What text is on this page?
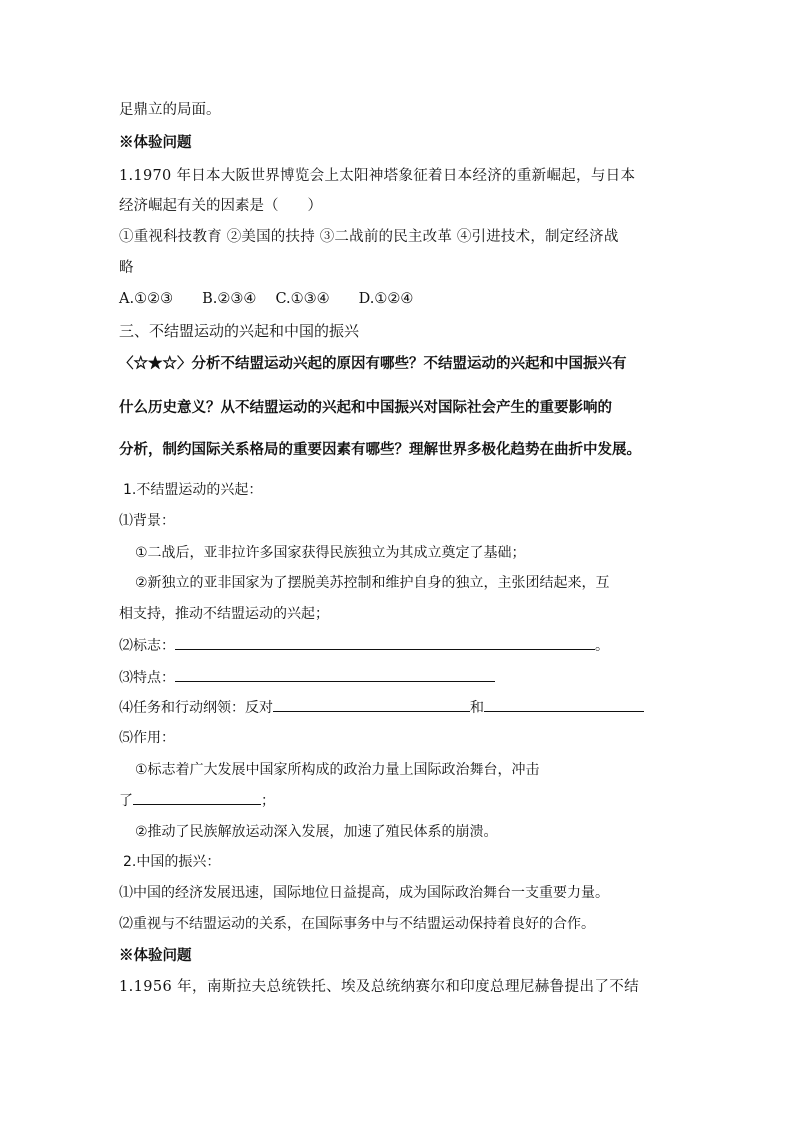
足鼎立的局面。
※体验问题
1.1970 年日本大阪世界博览会上太阳神塔象征着日本经济的重新崛起，与日本
经济崛起有关的因素是（　　）
①重视科技教育 ②美国的扶持 ③二战前的民主改革 ④引进技术，制定经济战
略
A.①②③　　B.②③④　 C.①③④　　D.①②④
三、不结盟运动的兴起和中国的振兴
〈☆★☆〉分析不结盟运动兴起的原因有哪些？不结盟运动的兴起和中国振兴有
什么历史意义？从不结盟运动的兴起和中国振兴对国际社会产生的重要影响的
分析，制约国际关系格局的重要因素有哪些？理解世界多极化趋势在曲折中发展。
1.不结盟运动的兴起：
⑴背景：
①二战后，亚非拉许多国家获得民族独立为其成立奠定了基础；
②新独立的亚非国家为了摆脱美苏控制和维护自身的独立，主张团结起来，互
相支持，推动不结盟运动的兴起；
⑵标志：	。
⑶特点：
⑷任务和行动纲领：反对	和
⑸作用：
①标志着广大发展中国家所构成的政治力量上国际政治舞台，冲击
了	；
②推动了民族解放运动深入发展，加速了殖民体系的崩溃。
2.中国的振兴：
⑴中国的经济发展迅速，国际地位日益提高，成为国际政治舞台一支重要力量。
⑵重视与不结盟运动的关系，在国际事务中与不结盟运动保持着良好的合作。
※体验问题
1.1956 年，南斯拉夫总统铁托、埃及总统纳赛尔和印度总理尼赫鲁提出了不结
